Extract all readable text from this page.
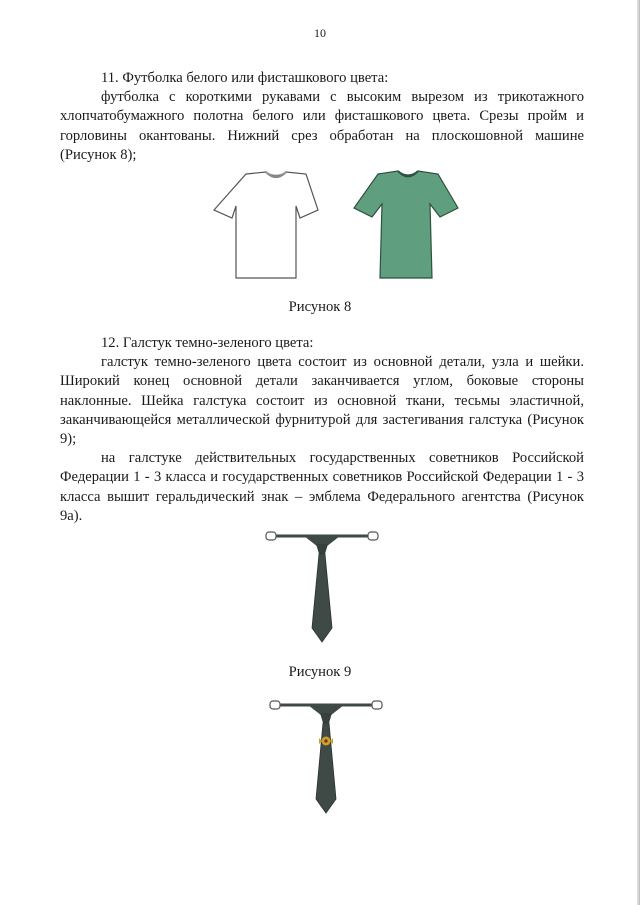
10

11. Футболка белого или фисташкового цвета:

футболка с короткими рукавами с высоким вырезом из трикотажного хлопчатобумажного полотна белого или фисташкового цвета. Срезы пройм и горловины окантованы. Нижний срез обработан на плоскошовной машине (Рисунок 8);

Рисунок 8

12. Галстук темно-зеленого цвета:

галстук темно-зеленого цвета состоит из основной детали, узла и шейки. Широкий конец основной детали заканчивается углом, боковые стороны наклонные. Шейка галстука состоит из основной ткани, тесьмы эластичной, заканчивающейся металлической фурнитурой для застегивания галстука (Рисунок 9);

на галстуке действительных государственных советников Российской Федерации 1 - 3 класса и государственных советников Российской Федерации 1 - 3 класса вышит геральдический знак – эмблема Федерального агентства (Рисунок 9а).

Рисунок 9
